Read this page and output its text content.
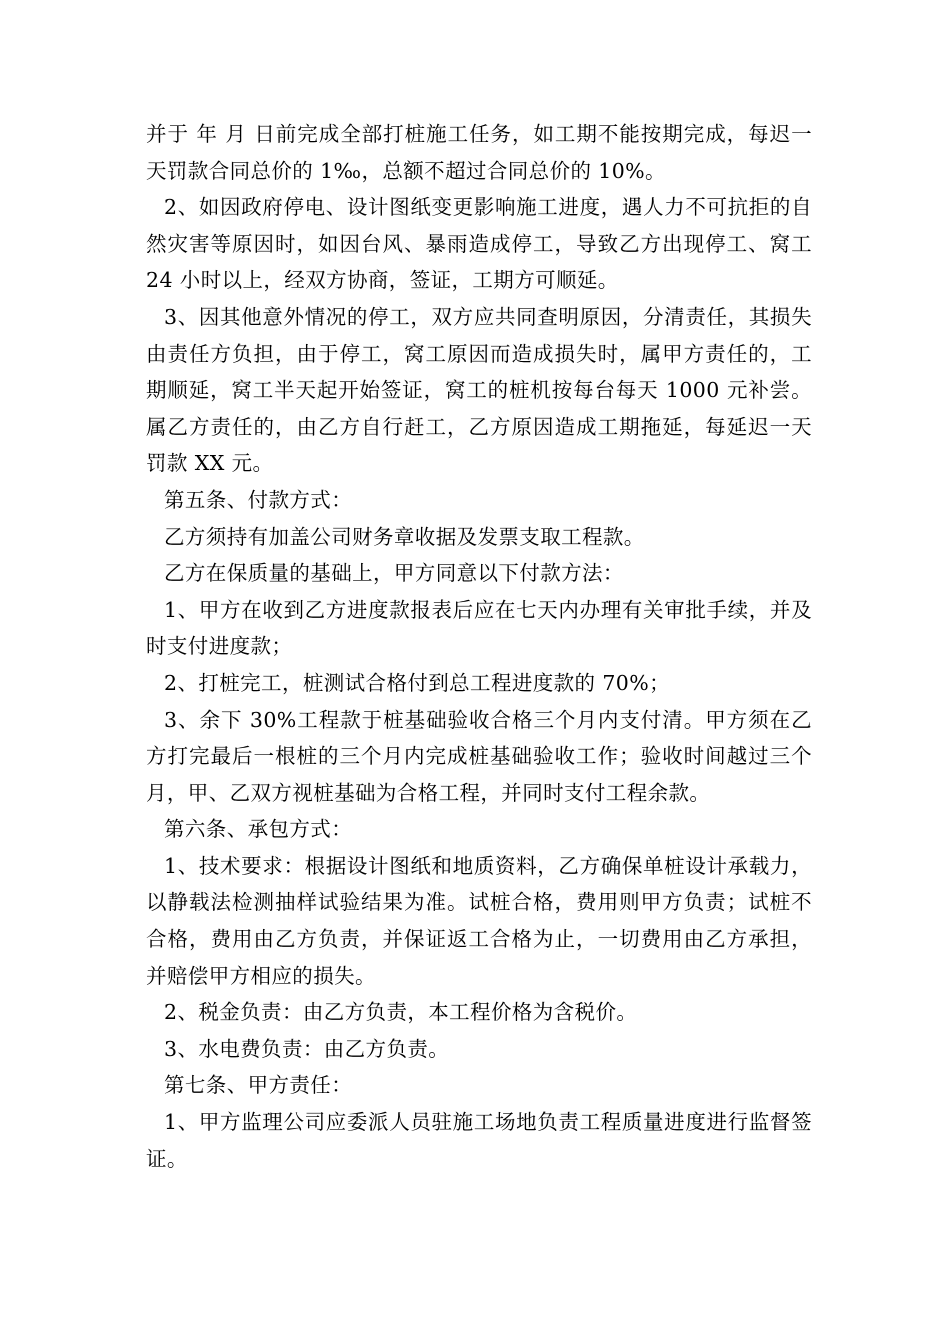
并于 年 月 日前完成全部打桩施工任务，如工期不能按期完成，每迟一天罚款合同总价的 1‰，总额不超过合同总价的 10%。

2、如因政府停电、设计图纸变更影响施工进度，遇人力不可抗拒的自然灾害等原因时，如因台风、暴雨造成停工，导致乙方出现停工、窝工 24 小时以上，经双方协商，签证，工期方可顺延。

3、因其他意外情况的停工，双方应共同查明原因，分清责任，其损失由责任方负担，由于停工，窝工原因而造成损失时，属甲方责任的，工期顺延，窝工半天起开始签证，窝工的桩机按每台每天 1000 元补尝。属乙方责任的，由乙方自行赶工，乙方原因造成工期拖延，每延迟一天罚款 XX 元。

第五条、付款方式：

乙方须持有加盖公司财务章收据及发票支取工程款。

乙方在保质量的基础上，甲方同意以下付款方法：

1、甲方在收到乙方进度款报表后应在七天内办理有关审批手续，并及时支付进度款；

2、打桩完工，桩测试合格付到总工程进度款的 70%；

3、余下 30%工程款于桩基础验收合格三个月内支付清。甲方须在乙方打完最后一根桩的三个月内完成桩基础验收工作；验收时间越过三个月，甲、乙双方视桩基础为合格工程，并同时支付工程余款。

第六条、承包方式：

1、技术要求：根据设计图纸和地质资料，乙方确保单桩设计承载力，以静载法检测抽样试验结果为准。试桩合格，费用则甲方负责；试桩不合格，费用由乙方负责，并保证返工合格为止，一切费用由乙方承担，并赔偿甲方相应的损失。

2、税金负责：由乙方负责，本工程价格为含税价。

3、水电费负责：由乙方负责。

第七条、甲方责任：

1、甲方监理公司应委派人员驻施工场地负责工程质量进度进行监督签证。
